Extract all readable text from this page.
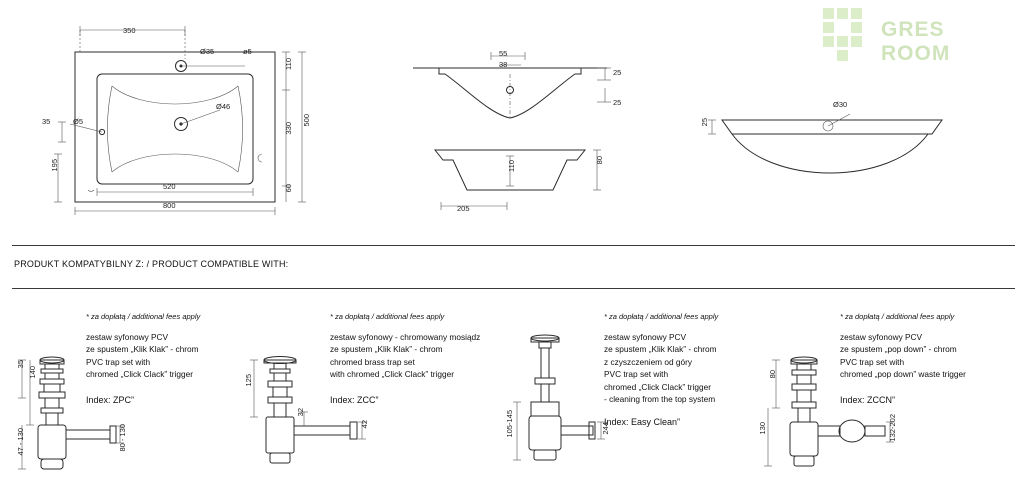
GRES ROOM
350
Ø35	ø5
110
330
500
60
520
800
35	Ø5
Ø46
195
55
38
25
25
110	80
205
Ø30
25
PRODUKT KOMPATYBILNY Z: / PRODUCT COMPATIBLE WITH:
* za dopłatą / additional fees apply
zestaw syfonowy PCV
ze spustem „Klik Klak” - chrom
PVC trap set with
chromed „Click Clack” trigger
Index: ZPC”
35
140
47 - 130	80 - 130
* za dopłatą / additional fees apply
zestaw syfonowy - chromowany mosiądz
ze spustem „Klik Klak” - chrom
chromed brass trap set
with chromed „Click Clack” trigger
Index: ZCC”
125
32
42
* za dopłatą / additional fees apply
zestaw syfonowy PCV
ze spustem „Klik Klak” - chrom
z czyszczeniem od góry
PVC trap set with
chromed „Click Clack” trigger
- cleaning from the top system
Index: Easy Clean”
105-145	244
* za dopłatą / additional fees apply
zestaw syfonowy PCV
ze spustem „pop down” - chrom
PVC trap set with
chromed „pop down” waste trigger
Index: ZCCN”
80
130	132-202
